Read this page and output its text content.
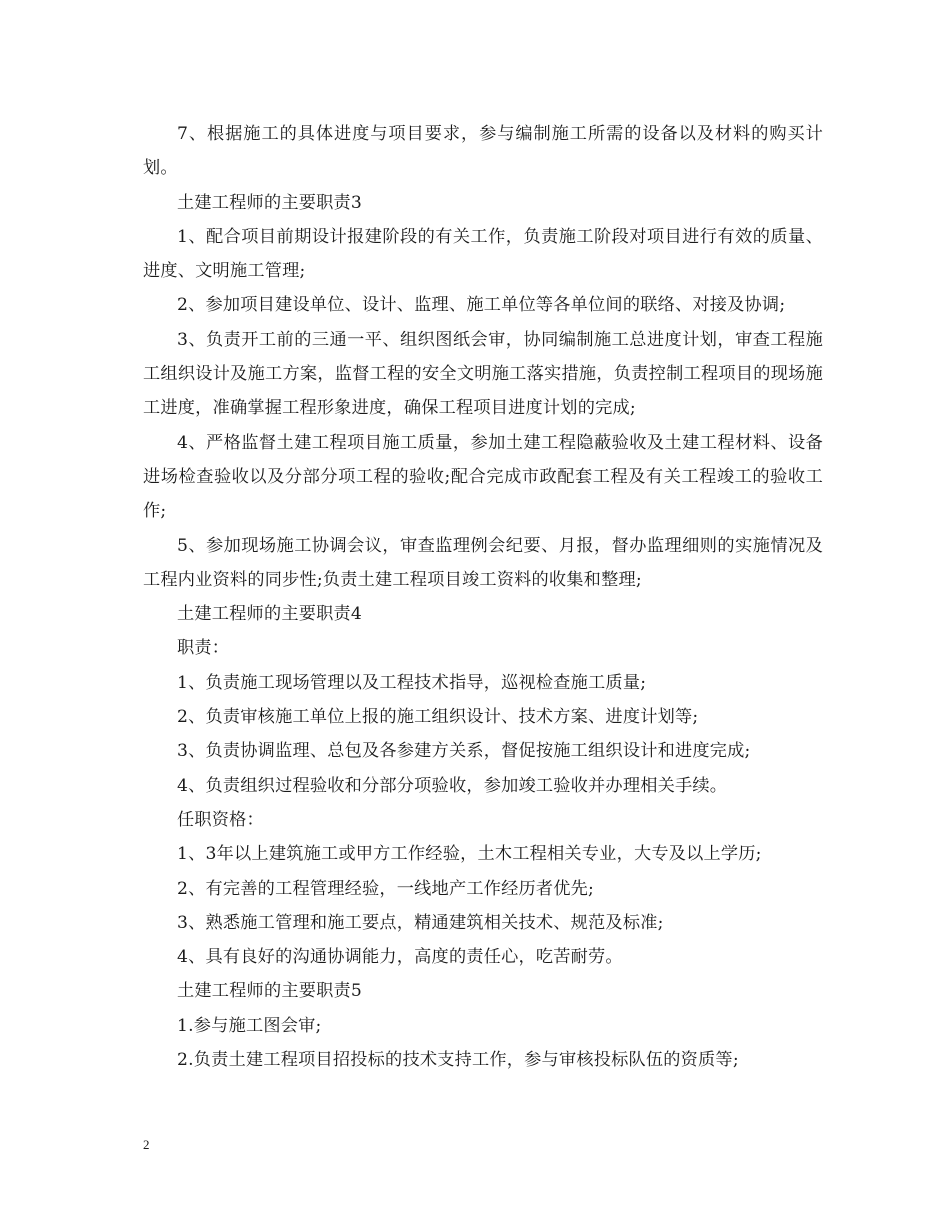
7、根据施工的具体进度与项目要求，参与编制施工所需的设备以及材料的购买计划。

土建工程师的主要职责3

1、配合项目前期设计报建阶段的有关工作，负责施工阶段对项目进行有效的质量、进度、文明施工管理;

2、参加项目建设单位、设计、监理、施工单位等各单位间的联络、对接及协调;

3、负责开工前的三通一平、组织图纸会审，协同编制施工总进度计划，审查工程施工组织设计及施工方案，监督工程的安全文明施工落实措施，负责控制工程项目的现场施工进度，准确掌握工程形象进度，确保工程项目进度计划的完成;

4、严格监督土建工程项目施工质量，参加土建工程隐蔽验收及土建工程材料、设备进场检查验收以及分部分项工程的验收;配合完成市政配套工程及有关工程竣工的验收工作;

5、参加现场施工协调会议，审查监理例会纪要、月报，督办监理细则的实施情况及工程内业资料的同步性;负责土建工程项目竣工资料的收集和整理;

土建工程师的主要职责4

职责：

1、负责施工现场管理以及工程技术指导，巡视检查施工质量;

2、负责审核施工单位上报的施工组织设计、技术方案、进度计划等;

3、负责协调监理、总包及各参建方关系，督促按施工组织设计和进度完成;

4、负责组织过程验收和分部分项验收，参加竣工验收并办理相关手续。

任职资格：

1、3年以上建筑施工或甲方工作经验，土木工程相关专业，大专及以上学历;

2、有完善的工程管理经验，一线地产工作经历者优先;

3、熟悉施工管理和施工要点，精通建筑相关技术、规范及标准;

4、具有良好的沟通协调能力，高度的责任心，吃苦耐劳。

土建工程师的主要职责5

1.参与施工图会审;

2.负责土建工程项目招投标的技术支持工作，参与审核投标队伍的资质等;

2
